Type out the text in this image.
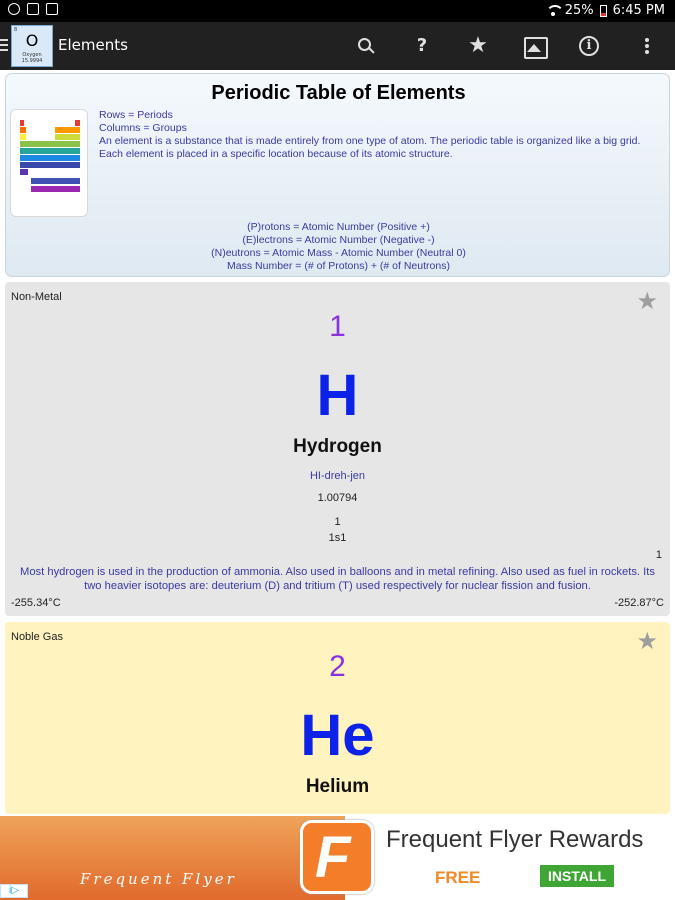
25% 6:45 PM
8
O
Oxygen
15.9994
Elements	?	★	i
Periodic Table of Elements
Rows = Periods
Columns = Groups
An element is a substance that is made entirely from one type of atom. The periodic table is organized like a big grid. Each element is placed in a specific location because of its atomic structure.
(P)rotons = Atomic Number (Positive +)
(E)lectrons = Atomic Number (Negative -)
(N)eutrons = Atomic Mass - Atomic Number (Neutral 0)
Mass Number = (# of Protons) + (# of Neutrons)
Non-Metal	★
1
H
Hydrogen
HI-dreh-jen
1.00794
1
1s1
1
Most hydrogen is used in the production of ammonia. Also used in balloons and in metal refining. Also used as fuel in rockets. Its two heavier isotopes are: deuterium (D) and tritium (T) used respectively for nuclear fission and fusion.
-255.34°C	-252.87°C
Noble Gas	★
2
He
Helium
Frequent Flyer F Frequent Flyer Rewards
FREE	INSTALL
i▷
